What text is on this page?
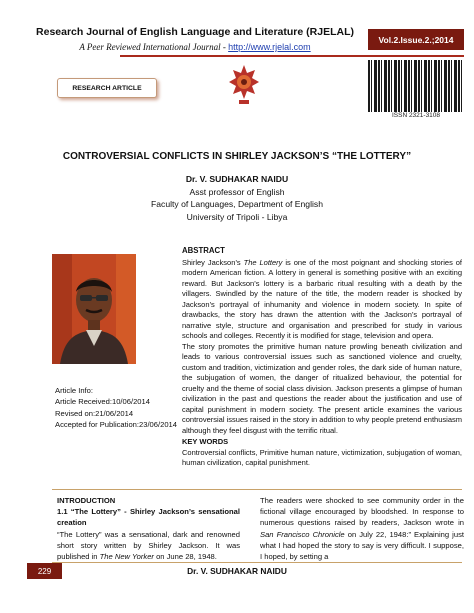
Research Journal of English Language and Literature (RJELAL)
A Peer Reviewed International Journal - http://www.rjelal.com
Vol.2.Issue.2.;2014
RESEARCH ARTICLE
ISSN 2321-3108
CONTROVERSIAL CONFLICTS IN SHIRLEY JACKSON’S “THE LOTTERY”
Dr. V. SUDHAKAR NAIDU
Asst professor of English
Faculty of Languages, Department of English
University of Tripoli - Libya
Article Info:
Article Received:10/06/2014
Revised on:21/06/2014
Accepted for Publication:23/06/2014
ABSTRACT

Shirley Jackson’s The Lottery is one of the most poignant and shocking stories of modern American fiction. A lottery in general is something positive with an exciting reward. But Jackson’s lottery is a barbaric ritual resulting with a death by the villagers. Swindled by the nature of the title, the modern reader is shocked by Jackson’s portrayal of inhumanity and violence in modern society. In spite of drawbacks, the story has drawn the attention with the Jackson’s portrayal of narrative style, structure and organisation and prescribed for study in various schools and colleges. Recently it is modified for stage, television and opera.

The story promotes the primitive human nature prowling beneath civilization and leads to various controversial issues such as sanctioned violence and cruelty, custom and tradition, victimization and gender roles, the dark side of human nature, the subjugation of women, the danger of ritualized behaviour, the potential for cruelty and the theme of social class division. Jackson presents a glimpse of human civilization in the past and questions the reader about the justification and use of capital punishment in modern society. The present article examines the various controversial issues raised in the story in addition to why people pretend enthusiasm although they feel disgust with the terrific ritual.

KEY WORDS

Controversial conflicts, Primitive human nature, victimization, subjugation of woman, human civilization, capital punishment.

INTRODUCTION
1.1 “The Lottery” - Shirley Jackson’s sensational creation

“The Lottery” was a sensational, dark and renowned short story written by Shirley Jackson. It was published in The New Yorker on June 28, 1948.

The readers were shocked to see community order in the fictional village encouraged by bloodshed. In response to numerous questions raised by readers, Jackson wrote in San Francisco Chronicle on July 22, 1948:” Explaining just what I had hoped the story to say is very difficult. I suppose, I hoped, by setting a

229	Dr. V. SUDHAKAR NAIDU
